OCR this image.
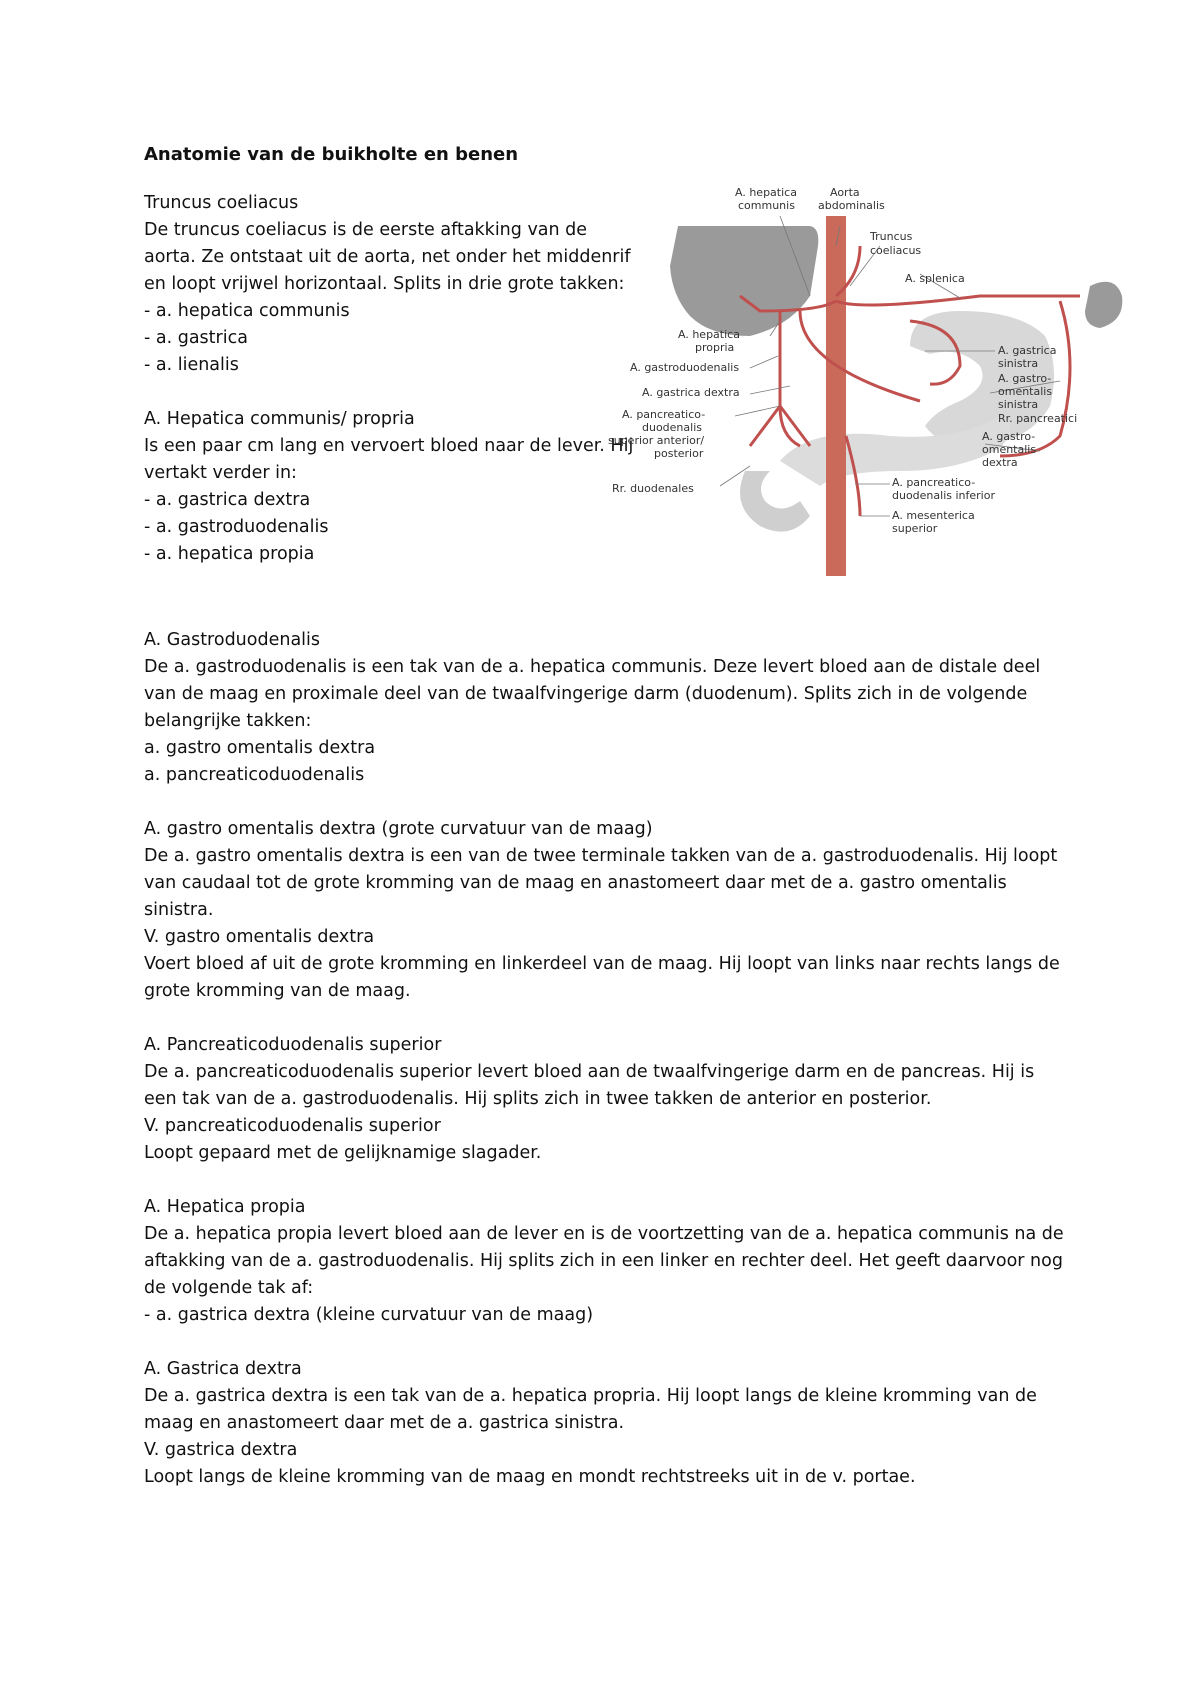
Anatomie van de buikholte en benen
Truncus coeliacus
De truncus coeliacus is de eerste aftakking van de aorta. Ze ontstaat uit de aorta, net onder het middenrif en loopt vrijwel horizontaal. Splits in drie grote takken:
- a. hepatica communis
- a. gastrica
- a. lienalis
A. Hepatica communis/ propria
Is een paar cm lang en vervoert bloed naar de lever. Hij vertakt verder in:
- a. gastrica dextra
- a. gastroduodenalis
- a. hepatica propia
A. hepatica
communis
Aorta
abdominalis
Truncus
coeliacus
A. splenica
A. hepatica
propria
A. gastroduodenalis
A. gastrica dextra
A. pancreatico-
duodenalis
superior anterior/
posterior
Rr. duodenales
A. gastrica
sinistra
A. gastro-
omentalis
sinistra
Rr. pancreatici
A. gastro-
omentalis
dextra
A. pancreatico-
duodenalis inferior
A. mesenterica
superior
A. Gastroduodenalis
De a. gastroduodenalis is een tak van de a. hepatica communis. Deze levert bloed aan de distale deel van de maag en proximale deel van de twaalfvingerige darm (duodenum). Splits zich in de volgende belangrijke takken:
a. gastro omentalis dextra
a. pancreaticoduodenalis
A. gastro omentalis dextra (grote curvatuur van de maag)
De a. gastro omentalis dextra is een van de twee terminale takken van de a. gastroduodenalis. Hij loopt van caudaal tot de grote kromming van de maag en anastomeert daar met de a. gastro omentalis sinistra.
V. gastro omentalis dextra
Voert bloed af uit de grote kromming en linkerdeel van de maag. Hij loopt van links naar rechts langs de grote kromming van de maag.
A. Pancreaticoduodenalis superior
De a. pancreaticoduodenalis superior levert bloed aan de twaalfvingerige darm en de pancreas. Hij is een tak van de a. gastroduodenalis. Hij splits zich in twee takken de anterior en posterior.
V. pancreaticoduodenalis superior
Loopt gepaard met de gelijknamige slagader.
A. Hepatica propia
De a. hepatica propia levert bloed aan de lever en is de voortzetting van de a. hepatica communis na de aftakking van de a. gastroduodenalis. Hij splits zich in een linker en rechter deel. Het geeft daarvoor nog de volgende tak af:
- a. gastrica dextra (kleine curvatuur van de maag)
A. Gastrica dextra
De a. gastrica dextra is een tak van de a. hepatica propria. Hij loopt langs de kleine kromming van de maag en anastomeert daar met de a. gastrica sinistra.
V. gastrica dextra
Loopt langs de kleine kromming van de maag en mondt rechtstreeks uit in de v. portae.
